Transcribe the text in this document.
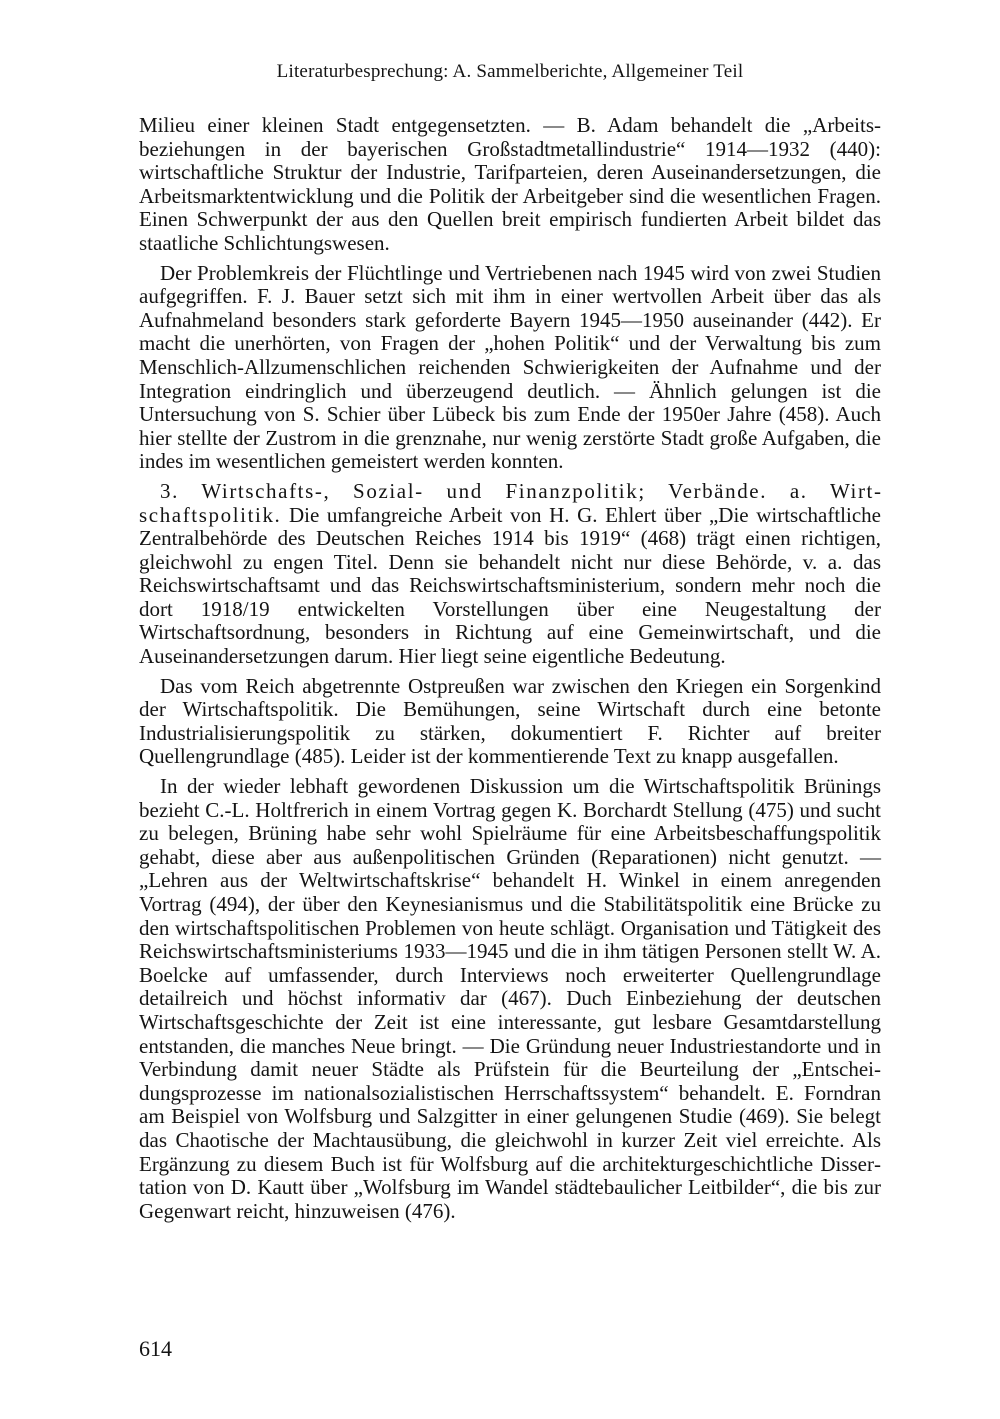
Literaturbesprechung: A. Sammelberichte, Allgemeiner Teil

Milieu einer kleinen Stadt entgegensetzten. — B. Adam behandelt die „Arbeitsbeziehungen in der bayerischen Großstadtmetallindustrie“ 1914—1932 (440): wirtschaftliche Struktur der Industrie, Tarifparteien, deren Auseinandersetzungen, die Arbeitsmarktentwicklung und die Politik der Arbeitgeber sind die wesentlichen Fragen. Einen Schwerpunkt der aus den Quellen breit empirisch fundierten Arbeit bildet das staatliche Schlichtungswesen.

Der Problemkreis der Flüchtlinge und Vertriebenen nach 1945 wird von zwei Studien aufgegriffen. F. J. Bauer setzt sich mit ihm in einer wertvollen Arbeit über das als Aufnahmeland besonders stark geforderte Bayern 1945—1950 auseinander (442). Er macht die unerhörten, von Fragen der „hohen Politik“ und der Verwaltung bis zum Menschlich-Allzumenschlichen reichenden Schwierigkeiten der Aufnahme und der Integration eindringlich und überzeugend deutlich. — Ähnlich gelungen ist die Untersuchung von S. Schier über Lübeck bis zum Ende der 1950er Jahre (458). Auch hier stellte der Zustrom in die grenznahe, nur wenig zerstörte Stadt große Aufgaben, die indes im wesentlichen gemeistert werden konnten.

3. Wirtschafts-, Sozial- und Finanzpolitik; Verbände. a. Wirtschaftspolitik. Die umfangreiche Arbeit von H. G. Ehlert über „Die wirtschaftliche Zentralbehörde des Deutschen Reiches 1914 bis 1919“ (468) trägt einen richtigen, gleichwohl zu engen Titel. Denn sie behandelt nicht nur diese Behörde, v. a. das Reichswirtschaftsamt und das Reichswirtschaftsministerium, sondern mehr noch die dort 1918/19 entwickelten Vorstellungen über eine Neugestaltung der Wirtschaftsordnung, besonders in Richtung auf eine Gemeinwirtschaft, und die Auseinandersetzungen darum. Hier liegt seine eigentliche Bedeutung.

Das vom Reich abgetrennte Ostpreußen war zwischen den Kriegen ein Sorgenkind der Wirtschaftspolitik. Die Bemühungen, seine Wirtschaft durch eine betonte Industrialisierungspolitik zu stärken, dokumentiert F. Richter auf breiter Quellengrundlage (485). Leider ist der kommentierende Text zu knapp ausgefallen.

In der wieder lebhaft gewordenen Diskussion um die Wirtschaftspolitik Brünings bezieht C.-L. Holtfrerich in einem Vortrag gegen K. Borchardt Stellung (475) und sucht zu belegen, Brüning habe sehr wohl Spielräume für eine Arbeitsbeschaffungspolitik gehabt, diese aber aus außenpolitischen Gründen (Reparationen) nicht genutzt. — „Lehren aus der Weltwirtschaftskrise“ behandelt H. Winkel in einem anregenden Vortrag (494), der über den Keynesianismus und die Stabilitätspolitik eine Brücke zu den wirtschaftspolitischen Problemen von heute schlägt. Organisation und Tätigkeit des Reichswirtschaftsministeriums 1933—1945 und die in ihm tätigen Personen stellt W. A. Boelcke auf umfassender, durch Interviews noch erweiterter Quellengrundlage detailreich und höchst informativ dar (467). Duch Einbeziehung der deutschen Wirtschaftsgeschichte der Zeit ist eine interessante, gut lesbare Gesamtdarstellung entstanden, die manches Neue bringt. — Die Gründung neuer Industriestandorte und in Verbindung damit neuer Städte als Prüfstein für die Beurteilung der „Entscheidungsprozesse im nationalsozialistischen Herrschaftssystem“ behandelt. E. Forndran am Beispiel von Wolfsburg und Salzgitter in einer gelungenen Studie (469). Sie belegt das Chaotische der Machtausübung, die gleichwohl in kurzer Zeit viel erreichte. Als Ergänzung zu diesem Buch ist für Wolfsburg auf die architekturgeschichtliche Dissertation von D. Kautt über „Wolfsburg im Wandel städtebaulicher Leitbilder“, die bis zur Gegenwart reicht, hinzuweisen (476).

614
